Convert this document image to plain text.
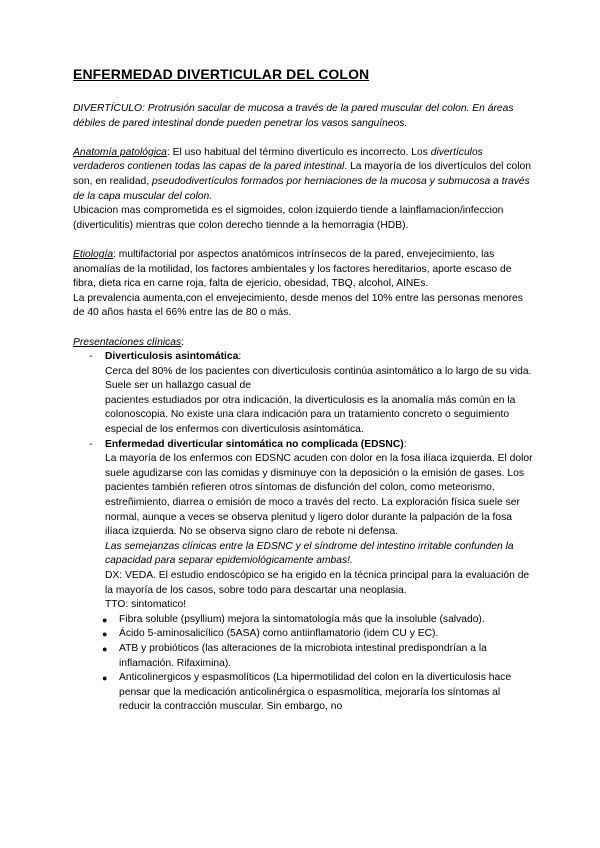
ENFERMEDAD DIVERTICULAR DEL COLON

DIVERTÍCULO: Protrusión sacular de mucosa a través de la pared muscular del colon. En áreas débiles de pared intestinal donde pueden penetrar los vasos sanguíneos.

Anatomía patológica: El uso habitual del término divertículo es incorrecto. Los divertículos verdaderos contienen todas las capas de la pared intestinal. La mayoría de los divertículos del colon son, en realidad, pseudodivertículos formados por herniaciones de la mucosa y submucosa a través de la capa muscular del colon.

Ubicacion mas comprometida es el sigmoides, colon izquierdo tiende a lainflamacion/infeccion (diverticulitis) mientras que colon derecho tiennde a la hemorragia (HDB).

Etiología: multifactorial por aspectos anatómicos intrínsecos de la pared, envejecimiento, las anomalías de la motilidad, los factores ambientales y los factores hereditarios, aporte escaso de fibra, dieta rica en carne roja, falta de ejericio, obesidad, TBQ, alcohol, AINEs.

La prevalencia aumenta,con el envejecimiento, desde menos del 10% entre las personas menores de 40 años hasta el 66% entre las de 80 o más.

Presentaciones clínicas:

- Diverticulosis asintomática:

Cerca del 80% de los pacientes con diverticulosis continúa asintomático a lo largo de su vida. Suele ser un hallazgo casual de

pacientes estudiados por otra indicación, la diverticulosis es la anomalía más común en la colonoscopia. No existe una clara indicación para un tratamiento concreto o seguimiento especial de los enfermos con diverticulosis asintomática.

- Enfermedad diverticular sintomática no complicada (EDSNC):

La mayoría de los enfermos con EDSNC acuden con dolor en la fosa ilíaca izquierda. El dolor suele agudizarse con las comidas y disminuye con la deposición o la emisión de gases. Los pacientes también refieren otros síntomas de disfunción del colon, como meteorismo, estreñimiento, diarrea o emisión de moco a través del recto. La exploración física suele ser normal, aunque a veces se observa plenitud y ligero dolor durante la palpación de la fosa ilíaca izquierda. No se observa signo claro de rebote ni defensa.

Las semejanzas clínicas entre la EDSNC y el síndrome del intestino irritable confunden la capacidad para separar epidemiológicamente ambas!.

DX: VEDA. El estudio endoscópico se ha erigido en la técnica principal para la evaluación de la mayoría de los casos, sobre todo para descartar una neoplasia.

TTO: sintomatico!

● Fibra soluble (psyllium) mejora la sintomatología más que la insoluble (salvado).
● Ácido 5-aminosalicílico (5ASA) como antiinflamatorio (idem CU y EC).
● ATB y probióticos (las alteraciones de la microbiota intestinal predispondrían a la inflamación. Rifaximina).
● Anticolinergicos y espasmolíticos (La hipermotilidad del colon en la diverticulosis hace pensar que la medicación anticolinérgica o espasmolítica, mejoraría los síntomas al reducir la contracción muscular. Sin embargo, no
